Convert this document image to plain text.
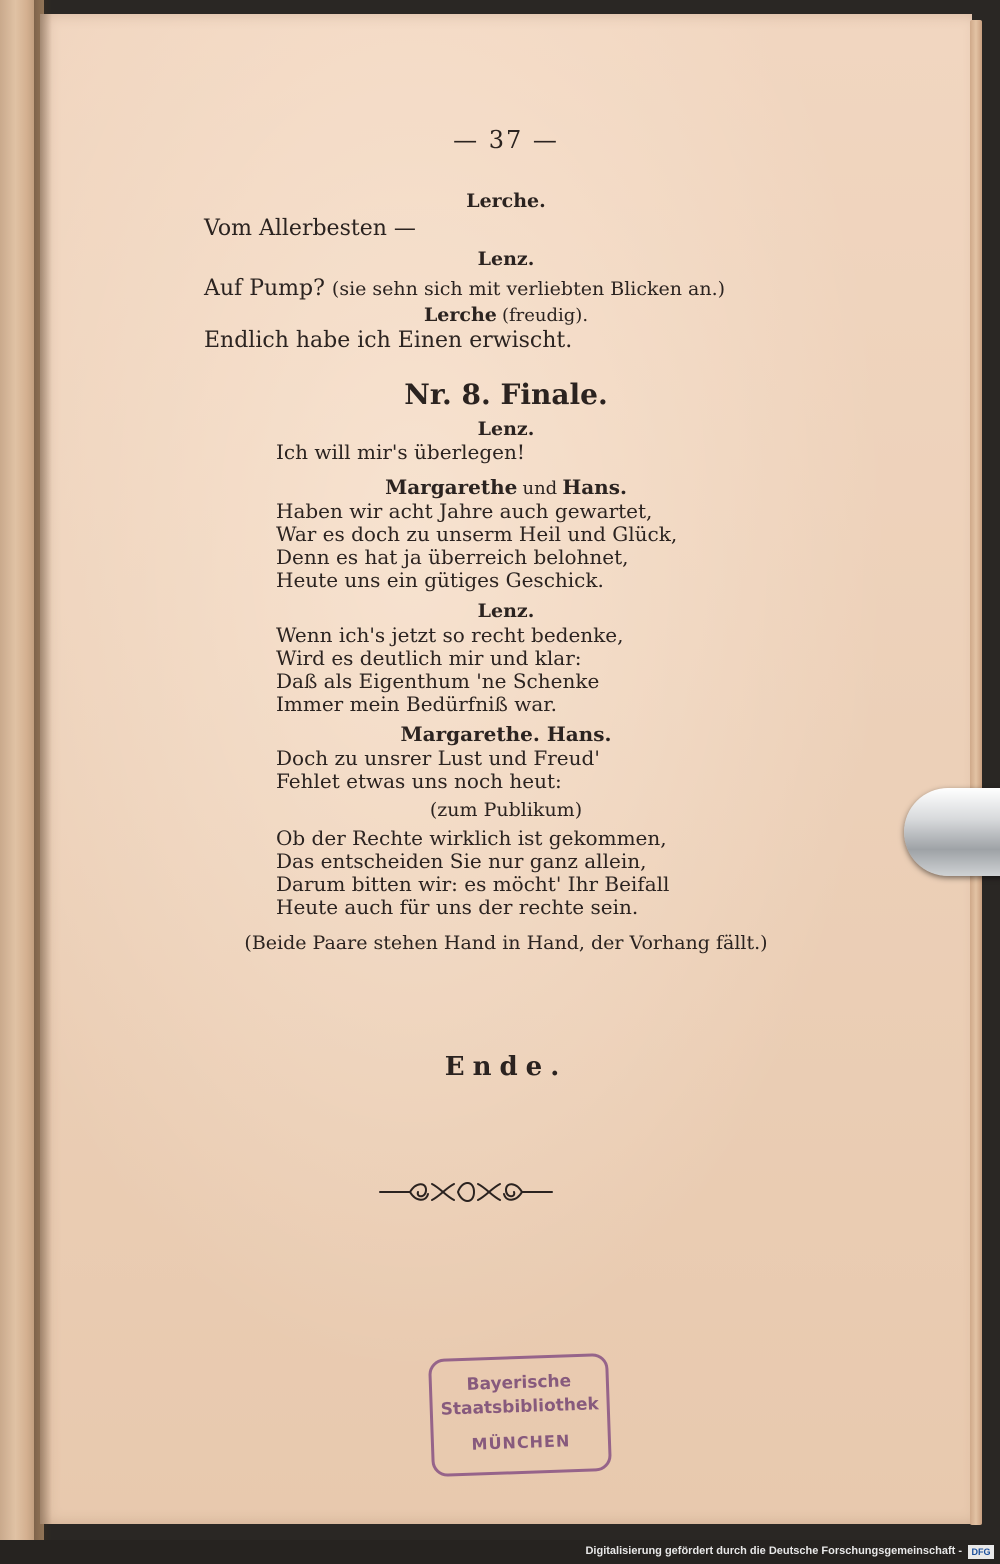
— 37 —
Lerche.
Vom Allerbesten —
Lenz.
Auf Pump? (sie sehn sich mit verliebten Blicken an.)
Lerche (freudig).
Endlich habe ich Einen erwischt.
Nr. 8. Finale.
Lenz.
Ich will mir's überlegen!
Margarethe und Hans.
Haben wir acht Jahre auch gewartet,
War es doch zu unserm Heil und Glück,
Denn es hat ja überreich belohnet,
Heute uns ein gütiges Geschick.
Lenz.
Wenn ich's jetzt so recht bedenke,
Wird es deutlich mir und klar:
Daß als Eigenthum 'ne Schenke
Immer mein Bedürfniß war.
Margarethe. Hans.
Doch zu unsrer Lust und Freud'
Fehlet etwas uns noch heut:
(zum Publikum)
Ob der Rechte wirklich ist gekommen,
Das entscheiden Sie nur ganz allein,
Darum bitten wir: es möcht' Ihr Beifall
Heute auch für uns der rechte sein.
(Beide Paare stehen Hand in Hand, der Vorhang fällt.)
Ende.
Bayerische
Staatsbibliothek
MÜNCHEN
Digitalisierung gefördert durch die Deutsche Forschungsgemeinschaft -	DFG
